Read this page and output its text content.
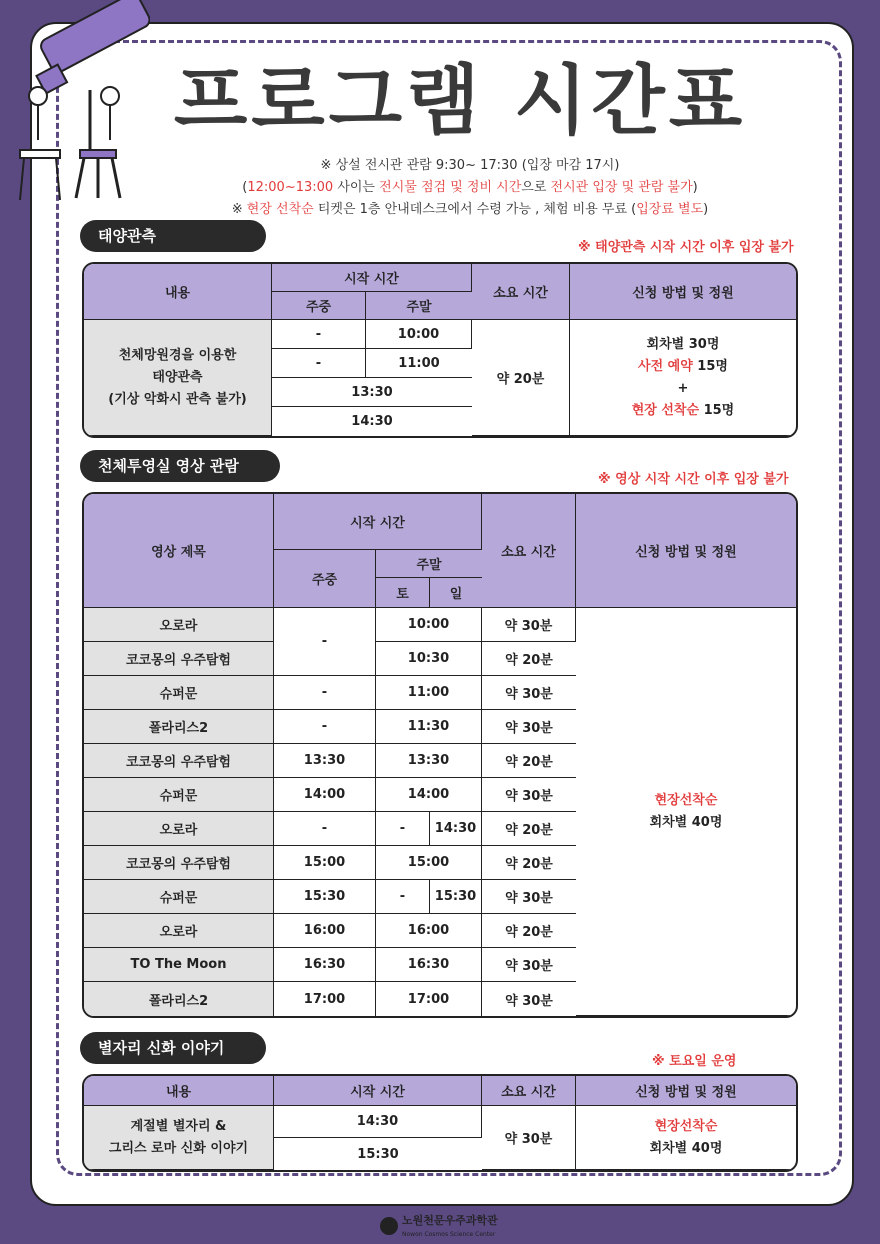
프로그램 시간표
※ 상설 전시관 관람 9:30~ 17:30 (입장 마감 17시)
(12:00~13:00 사이는 전시물 점검 및 정비 시간으로 전시관 입장 및 관람 불가)
※ 현장 선착순 티켓은 1층 안내데스크에서 수령 가능 , 체험 비용 무료 (입장료 별도)
태양관측
※ 태양관측 시작 시간 이후 입장 불가
내용	시작 시간		소요 시간	신청 방법 및 정원
	주중	주말		
천체망원경을 이용한
태양관측
(기상 악화시 관측 불가)	-	10:00	약 20분	회차별 30명
사전 예약 15명
+
현장 선착순 15명
	-	11:00		
	13:30			
	14:30			
천체투영실 영상 관람
※ 영상 시작 시간 이후 입장 불가
영상 제목	시작 시간			소요 시간	신청 방법 및 정원
	주중	주말			
		토	일		
오로라	-	10:00		약 30분	현장선착순
회차별 40명
코코몽의 우주탐험		10:30		약 20분	
슈퍼문	-	11:00		약 30분	
폴라리스2	-	11:30		약 30분	
코코몽의 우주탐험	13:30	13:30		약 20분	
슈퍼문	14:00	14:00		약 30분	
오로라	-	-	14:30	약 20분	
코코몽의 우주탐험	15:00	15:00		약 20분	
슈퍼문	15:30	-	15:30	약 30분	
오로라	16:00	16:00		약 20분	
TO The Moon	16:30	16:30		약 30분	
폴라리스2	17:00	17:00		약 30분	
별자리 신화 이야기
※ 토요일 운영
내용	시작 시간	소요 시간	신청 방법 및 정원
계절별 별자리 &
그리스 로마 신화 이야기	14:30	약 30분	현장선착순
회차별 40명
	15:30		
노원천문우주과학관
Nowon Cosmos Science Center
